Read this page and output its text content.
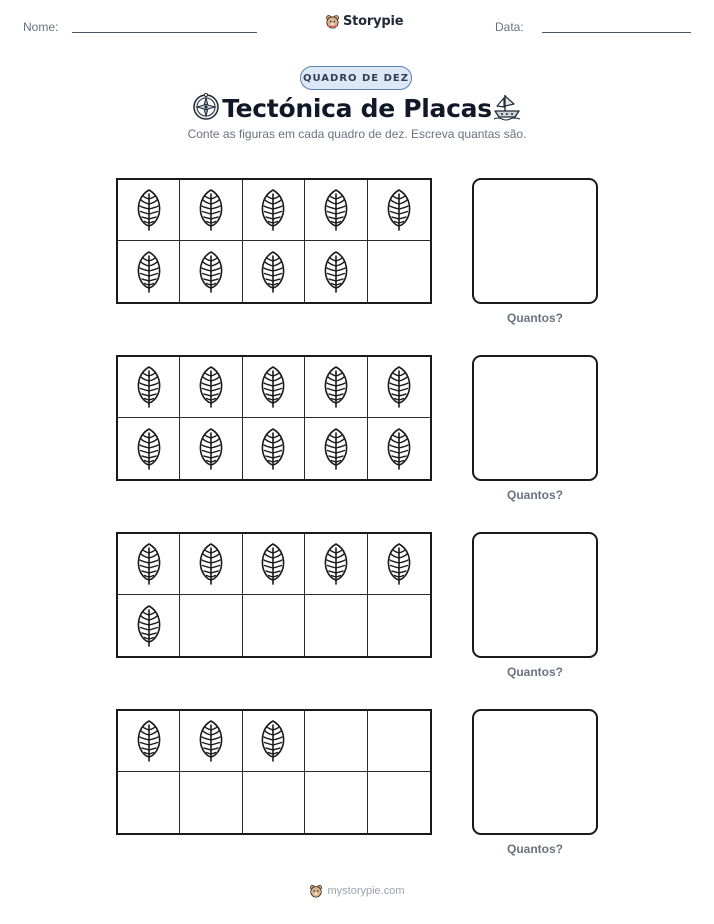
Nome:	Storypie	Data:
QUADRO DE DEZ
Tectónica de Placas
Conte as figuras em cada quadro de dez. Escreva quantas são.
Quantos?
Quantos?
Quantos?
Quantos?
mystorypie.com
